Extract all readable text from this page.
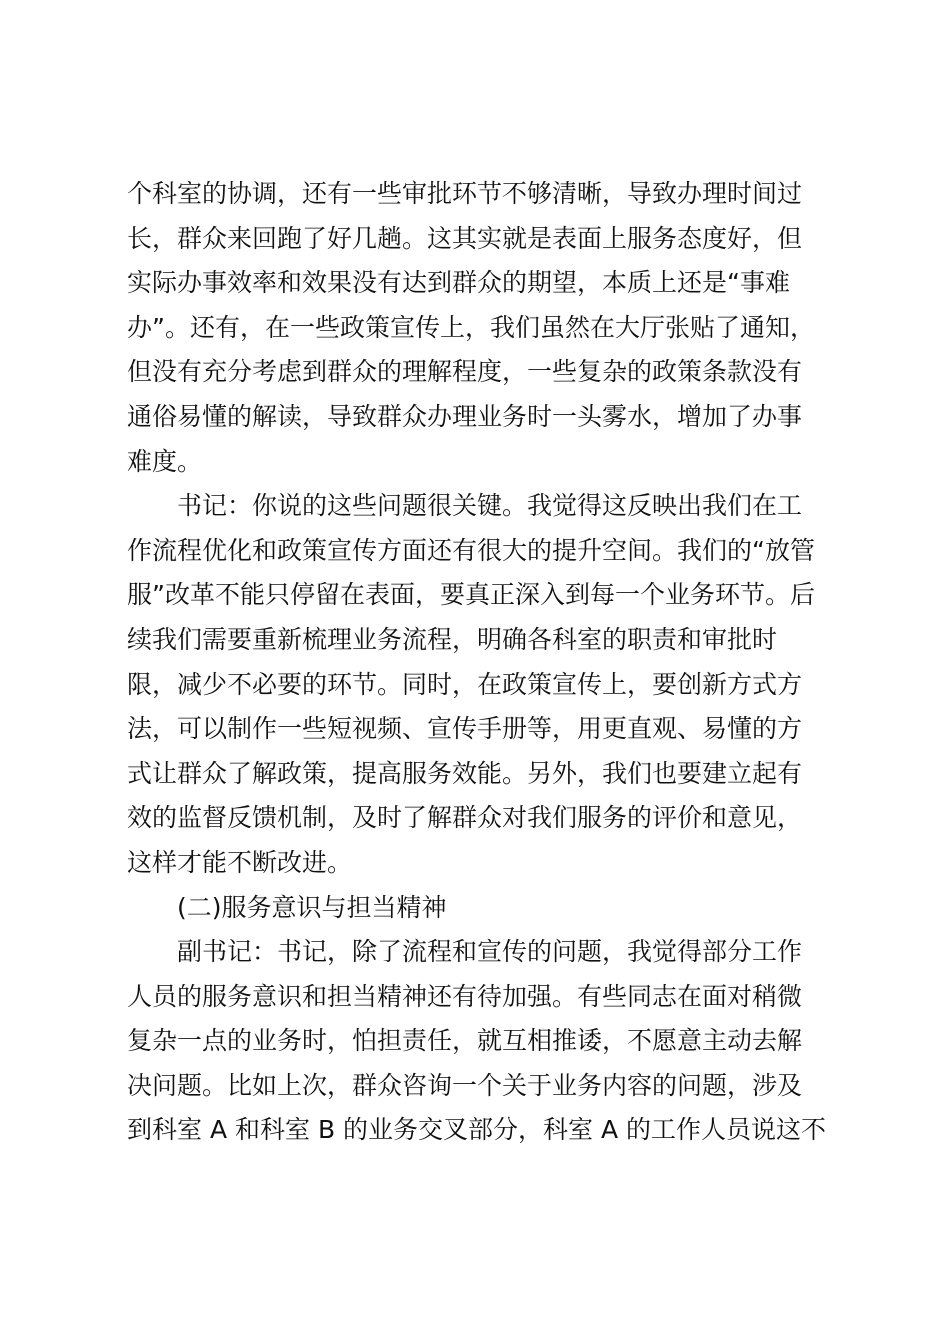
个科室的协调，还有一些审批环节不够清晰，导致办理时间过
长，群众来回跑了好几趟。这其实就是表面上服务态度好，但
实际办事效率和效果没有达到群众的期望，本质上还是“事难
办”。还有，在一些政策宣传上，我们虽然在大厅张贴了通知，
但没有充分考虑到群众的理解程度，一些复杂的政策条款没有
通俗易懂的解读，导致群众办理业务时一头雾水，增加了办事
难度。
　　书记：你说的这些问题很关键。我觉得这反映出我们在工
作流程优化和政策宣传方面还有很大的提升空间。我们的“放管
服”改革不能只停留在表面，要真正深入到每一个业务环节。后
续我们需要重新梳理业务流程，明确各科室的职责和审批时
限，减少不必要的环节。同时，在政策宣传上，要创新方式方
法，可以制作一些短视频、宣传手册等，用更直观、易懂的方
式让群众了解政策，提高服务效能。另外，我们也要建立起有
效的监督反馈机制，及时了解群众对我们服务的评价和意见，
这样才能不断改进。
　　(二)服务意识与担当精神
　　副书记：书记，除了流程和宣传的问题，我觉得部分工作
人员的服务意识和担当精神还有待加强。有些同志在面对稍微
复杂一点的业务时，怕担责任，就互相推诿，不愿意主动去解
决问题。比如上次，群众咨询一个关于业务内容的问题，涉及
到科室 A 和科室 B 的业务交叉部分，科室 A 的工作人员说这不
